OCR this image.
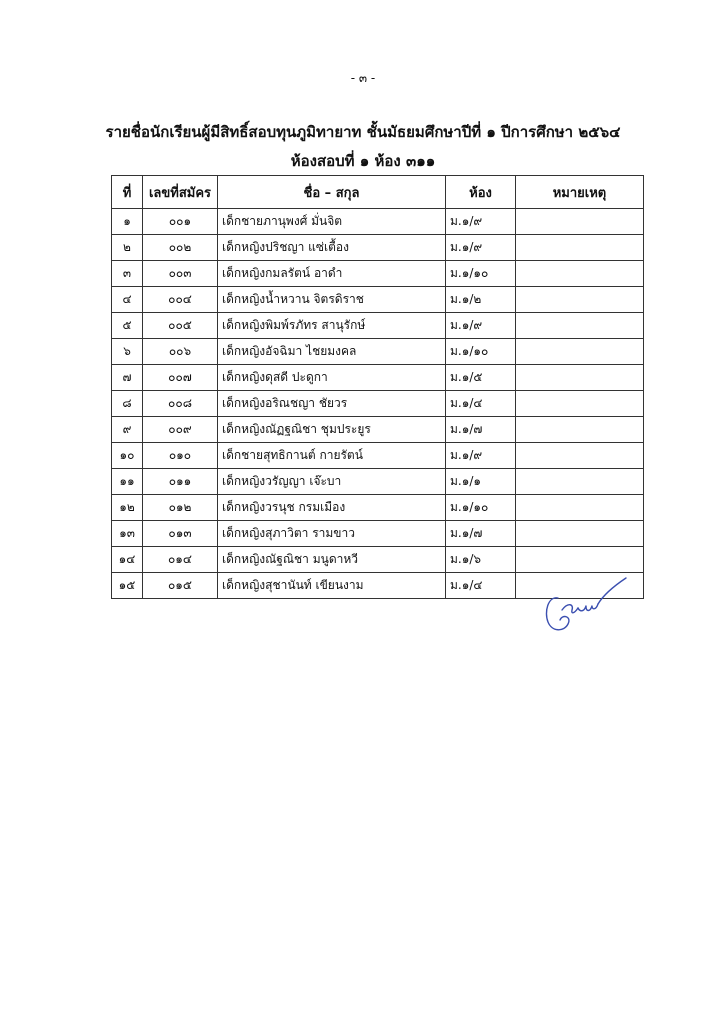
- ๓ -
รายชื่อนักเรียนผู้มีสิทธิ์สอบทุนภูมิทายาท ชั้นมัธยมศึกษาปีที่ ๑ ปีการศึกษา ๒๕๖๔
ห้องสอบที่ ๑ ห้อง ๓๑๑
ที่	เลขที่สมัคร	ชื่อ – สกุล	ห้อง	หมายเหตุ
๑	๐๐๑	เด็กชายภานุพงศ์ มั่นจิต	ม.๑/๙	
๒	๐๐๒	เด็กหญิงปริชญา แซ่เตื้อง	ม.๑/๙	
๓	๐๐๓	เด็กหญิงกมลรัตน์ อาดำ	ม.๑/๑๐	
๔	๐๐๔	เด็กหญิงน้ำหวาน จิตรดิราช	ม.๑/๒	
๕	๐๐๕	เด็กหญิงพิมพ์รภัทร สานุรักษ์	ม.๑/๙	
๖	๐๐๖	เด็กหญิงอัจฉิมา ไชยมงคล	ม.๑/๑๐	
๗	๐๐๗	เด็กหญิงดุสดี ปะดูกา	ม.๑/๕	
๘	๐๐๘	เด็กหญิงอริณชญา ชัยวร	ม.๑/๔	
๙	๐๐๙	เด็กหญิงณัฏฐณิชา ชุมประยูร	ม.๑/๗	
๑๐	๐๑๐	เด็กชายสุทธิกานต์ กายรัตน์	ม.๑/๙	
๑๑	๐๑๑	เด็กหญิงวรัญญา เจ๊ะบา	ม.๑/๑	
๑๒	๐๑๒	เด็กหญิงวรนุช กรมเมือง	ม.๑/๑๐	
๑๓	๐๑๓	เด็กหญิงสุภาวิตา รามขาว	ม.๑/๗	
๑๔	๐๑๔	เด็กหญิงณัฐณิชา มนูดาหวี	ม.๑/๖	
๑๕	๐๑๕	เด็กหญิงสุชานันท์ เขียนงาม	ม.๑/๔	
